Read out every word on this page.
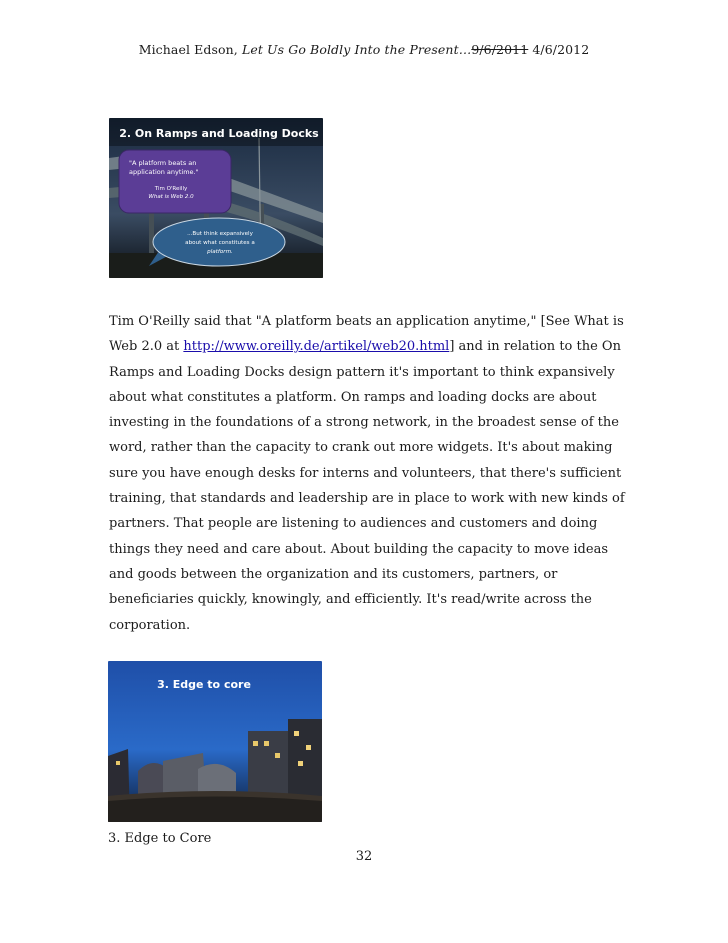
Michael Edson, Let Us Go Boldly Into the Present…9/6/2011 4/6/2012
2. On Ramps and Loading Docks
"A platform beats an
application anytime."
Tim O'Reilly
What is Web 2.0
...But think expansively
about what constitutes a
platform.
Tim O'Reilly said that "A platform beats an application anytime," [See What is Web 2.0 at http://www.oreilly.de/artikel/web20.html] and in relation to the On Ramps and Loading Docks design pattern it's important to think expansively about what constitutes a platform. On ramps and loading docks are about investing in the foundations of a strong network, in the broadest sense of the word, rather than the capacity to crank out more widgets. It's about making sure you have enough desks for interns and volunteers, that there's sufficient training, that standards and leadership are in place to work with new kinds of partners. That people are listening to audiences and customers and doing things they need and care about. About building the capacity to move ideas and goods between the organization and its customers, partners, or beneficiaries quickly, knowingly, and efficiently. It's read/write across the corporation.
3. Edge to core
3. Edge to Core
32
